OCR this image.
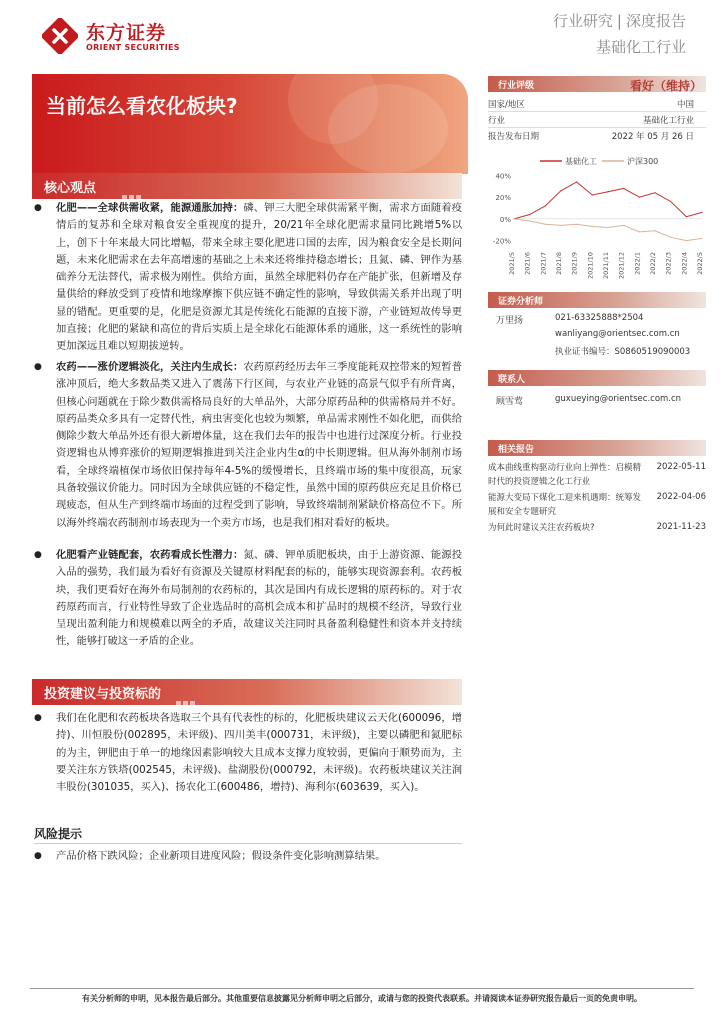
东方证券
ORIENT SECURITIES
行业研究 | 深度报告
基础化工行业
当前怎么看农化板块?
核心观点
● 化肥——全球供需收紧，能源通胀加持：磷、钾三大肥全球供需紧平衡，需求方面随着疫情后的复苏和全球对粮食安全重视度的提升，20/21年全球化肥需求量同比跳增5%以上，创下十年来最大同比增幅，带来全球主要化肥进口国的去库，因为粮食安全是长期问题，未来化肥需求在去年高增速的基础之上未来还将维持稳态增长；且氮、磷、钾作为基础养分无法替代，需求极为刚性。供给方面，虽然全球肥料仍存在产能扩张，但新增及存量供给的释放受到了疫情和地缘摩擦下供应链不确定性的影响，导致供需关系并出现了明显的错配。更重要的是，化肥是资源尤其是传统化石能源的直接下游，产业链短故传导更加直接；化肥的紧缺和高位的背后实质上是全球化石能源体系的通胀，这一系统性的影响更加深远且难以短期拔逆转。
● 农药——涨价逻辑淡化，关注内生成长：农药原药经历去年三季度能耗双控带来的短暂普涨冲顶后，绝大多数品类又进入了震荡下行区间，与农业产业链的高景气似乎有所背离，但核心问题就在于除少数供需格局良好的大单品外，大部分原药品种的供需格局并不好。原药品类众多具有一定替代性，病虫害变化也较为频繁，单品需求刚性不如化肥，而供给侧除少数大单品外还有很大新增体量，这在我们去年的报告中也进行过深度分析。行业投资逻辑也从博弈涨价的短期逻辑推进到关注企业内生α的中长期逻辑。但从海外制剂市场看，全球终端植保市场依旧保持每年4-5%的缓慢增长，且终端市场的集中度很高，玩家具备较强议价能力。同时因为全球供应链的不稳定性，虽然中国的原药供应充足且价格已现疲态，但从生产到终端市场面的过程受到了影响，导致终端制剂紧缺价格高位不下。所以海外终端农药制剂市场表现为一个卖方市场，也是我们相对看好的板块。
● 化肥看产业链配套，农药看成长性潜力：氮、磷、钾单质肥板块，由于上游资源、能源投入品的强势，我们最为看好有资源及关键原材料配套的标的，能够实现资源套利。农药板块，我们更看好在海外布局制剂的农药标的，其次是国内有成长逻辑的原药标的。对于农药原药而言，行业特性导致了企业选品时的高机会成本和扩品时的规模不经济，导致行业呈现出盈利能力和规模难以两全的矛盾，故建议关注同时具备盈利稳健性和资本并支持续性，能够打破这一矛盾的企业。
投资建议与投资标的
● 我们在化肥和农药板块各选取三个具有代表性的标的，化肥板块建议云天化(600096，增持)、川恒股份(002895，未评级)、四川美丰(000731，未评级)，主要以磷肥和氮肥标的为主，钾肥由于单一的地缘因素影响较大且成本支撑力度较弱，更偏向于顺势而为，主要关注东方铁塔(002545，未评级)、盐湖股份(000792，未评级)。农药板块建议关注润丰股份(301035，买入)、扬农化工(600486，增持)、海利尔(603639，买入)。
风险提示
● 产品价格下跌风险；企业新项目进度风险；假设条件变化影响测算结果。
行业评级	看好（维持）
国家/地区	中国
行业	基础化工行业
报告发布日期	2022 年 05 月 26 日
基础化工	沪深300
40%
20%
0%
-20%
2021/5 2021/6 2021/7 2021/8 2021/9 2021/10 2021/11 2021/12 2022/1 2022/2 2022/3 2022/4 2022/5
证券分析师
万里扬	021-63325888*2504
wanliyang@orientsec.com.cn
执业证书编号：S0860519090003
联系人
顾雪莺	guxueying@orientsec.com.cn
相关报告
成本曲线重构驱动行业向上弹性：启模精时代的投资逻辑之化工行业
2022-05-11
能源大变局下煤化工迎来机遇期：统筹发展和安全专题研究
2022-04-06
为何此时建议关注农药板块?	2021-11-23
有关分析师的申明，见本报告最后部分。其他重要信息披露见分析师申明之后部分，或请与您的投资代表联系。并请阅读本证券研究报告最后一页的免责申明。
